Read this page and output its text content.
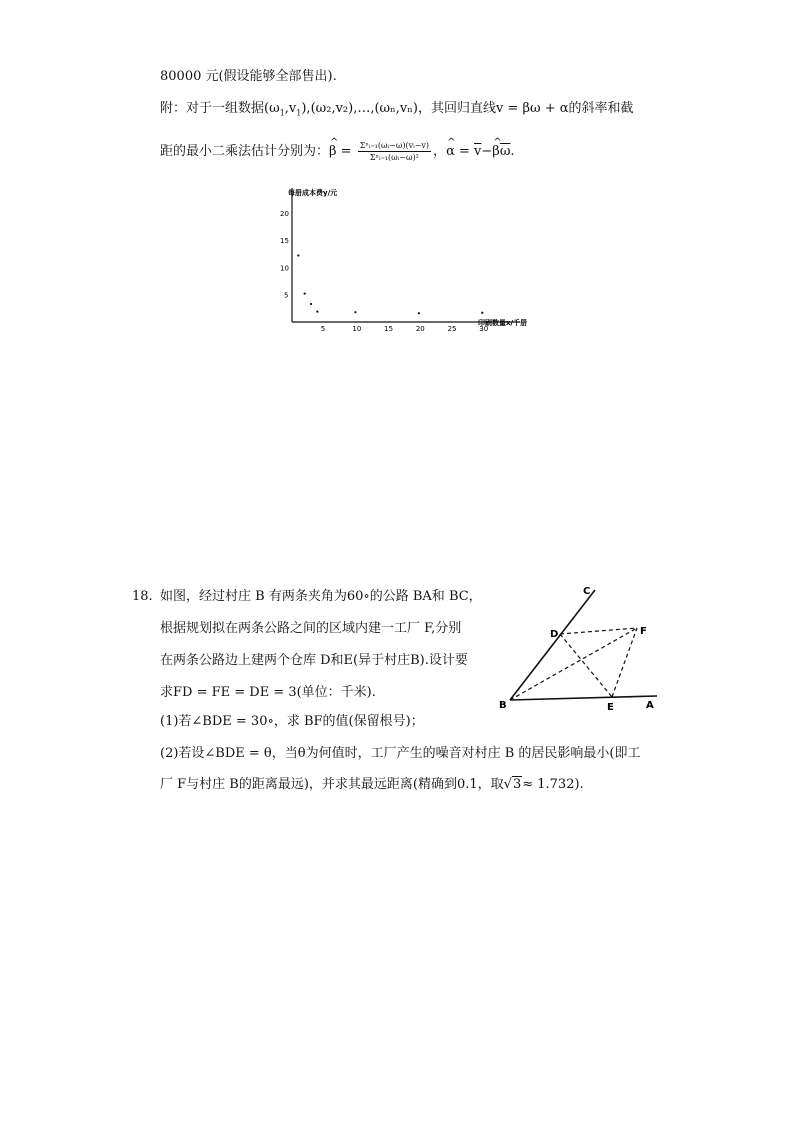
80000 元(假设能够全部售出).
附：对于一组数据$(\omega_1,v_1),(\omega_2,v_2),\dots,(\omega_n,v_n)$，其回归直线v = βω + α的斜率和截
距的最小二乘法估计分别为：^ $\beta = \frac{\text{Σⁿᵢ₌₁(ωᵢ−ω)(vᵢ−v)}}{\text{Σⁿᵢ₌₁(ωᵢ−ω)²}}$ ，^ $\alpha = \overline{v}-\^{}$ $\beta\overline{\omega}$.
每册成本费y/元
印刷数量x/千册
5	10	15	20	25	30
5
10
15
20
18. 如图，经过村庄 B 有两条夹角为60∘的公路 BA和 BC，
根据规划拟在两条公路之间的区域内建一工厂 F,分别
在两条公路边上建两个仓库 D和E(异于村庄B).设计要
求FD = FE = DE = 3(单位：千米).
(1)若∠BDE = 30∘，求 BF的值(保留根号)；
(2)若设∠BDE = θ，当θ为何值时，工厂产生的噪音对村庄 B 的居民影响最小(即工
厂 F与村庄 B的距离最远)，并求其最远距离(精确到0.1，取√3≈ 1.732).
B	E	A
C
D	F
